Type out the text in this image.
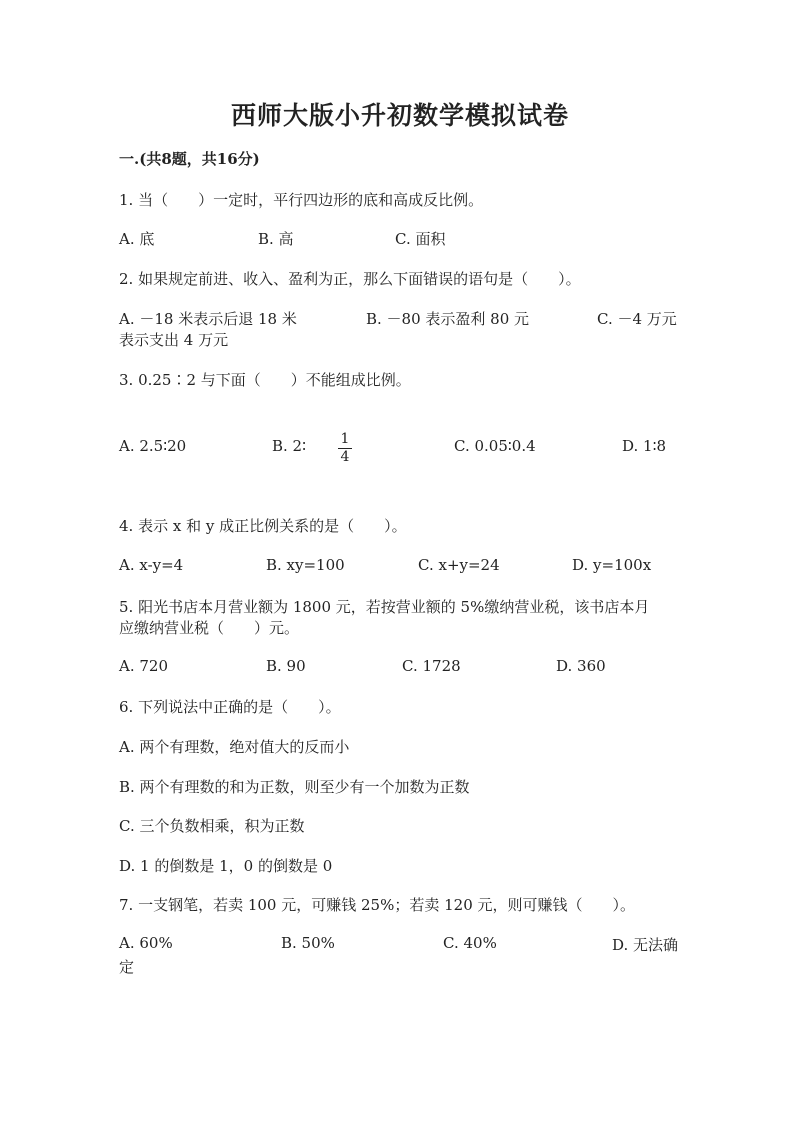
西师大版小升初数学模拟试卷
一.(共8题，共16分)
1. 当（　　）一定时，平行四边形的底和高成反比例。
A. 底	B. 高	C. 面积
2. 如果规定前进、收入、盈利为正，那么下面错误的语句是（　　）。
A. －18 米表示后退 18 米	B. －80 表示盈利 80 元	C. －4 万元
表示支出 4 万元
3. 0.25∶2 与下面（　　）不能组成比例。
A. 2.5∶20	B. 2∶ 1
4
C. 0.05∶0.4	D. 1∶8
4. 表示 x 和 y 成正比例关系的是（　　）。
A. x-y=4	B. xy=100	C. x+y=24	D. y=100x
5. 阳光书店本月营业额为 1800 元，若按营业额的 5%缴纳营业税，该书店本月
应缴纳营业税（　　）元。
A. 720	B. 90	C. 1728	D. 360
6. 下列说法中正确的是（　　）。
A. 两个有理数，绝对值大的反而小
B. 两个有理数的和为正数，则至少有一个加数为正数
C. 三个负数相乘，积为正数
D. 1 的倒数是 1，0 的倒数是 0
7. 一支钢笔，若卖 100 元，可赚钱 25%；若卖 120 元，则可赚钱（　　）。
A. 60%	B. 50%	C. 40%	D. 无法确
定
